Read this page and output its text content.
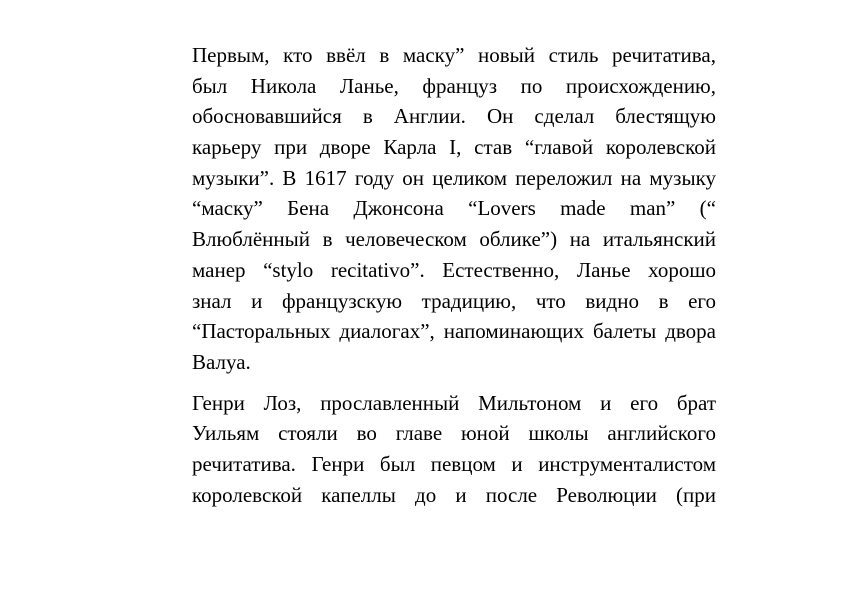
Первым, кто ввёл в маску” новый стиль речитатива,
был Никола Ланье, француз по происхождению,
обосновавшийся в Англии. Он сделал блестящую
карьеру при дворе Карла I, став “главой королевской
музыки”. В 1617 году он целиком переложил на музыку
“маску” Бена Джонсона “Lovers made man” (“
Влюблённый в человеческом облике”) на итальянский
манер “stylo recitativo”. Естественно, Ланье хорошо
знал и французскую традицию, что видно в его
“Пасторальных диалогах”, напоминающих балеты двора
Валуа.
Генри Лоз, прославленный Мильтоном и его брат
Уильям стояли во главе юной школы английского
речитатива. Генри был певцом и инструменталистом
королевской капеллы до и после Революции (при
